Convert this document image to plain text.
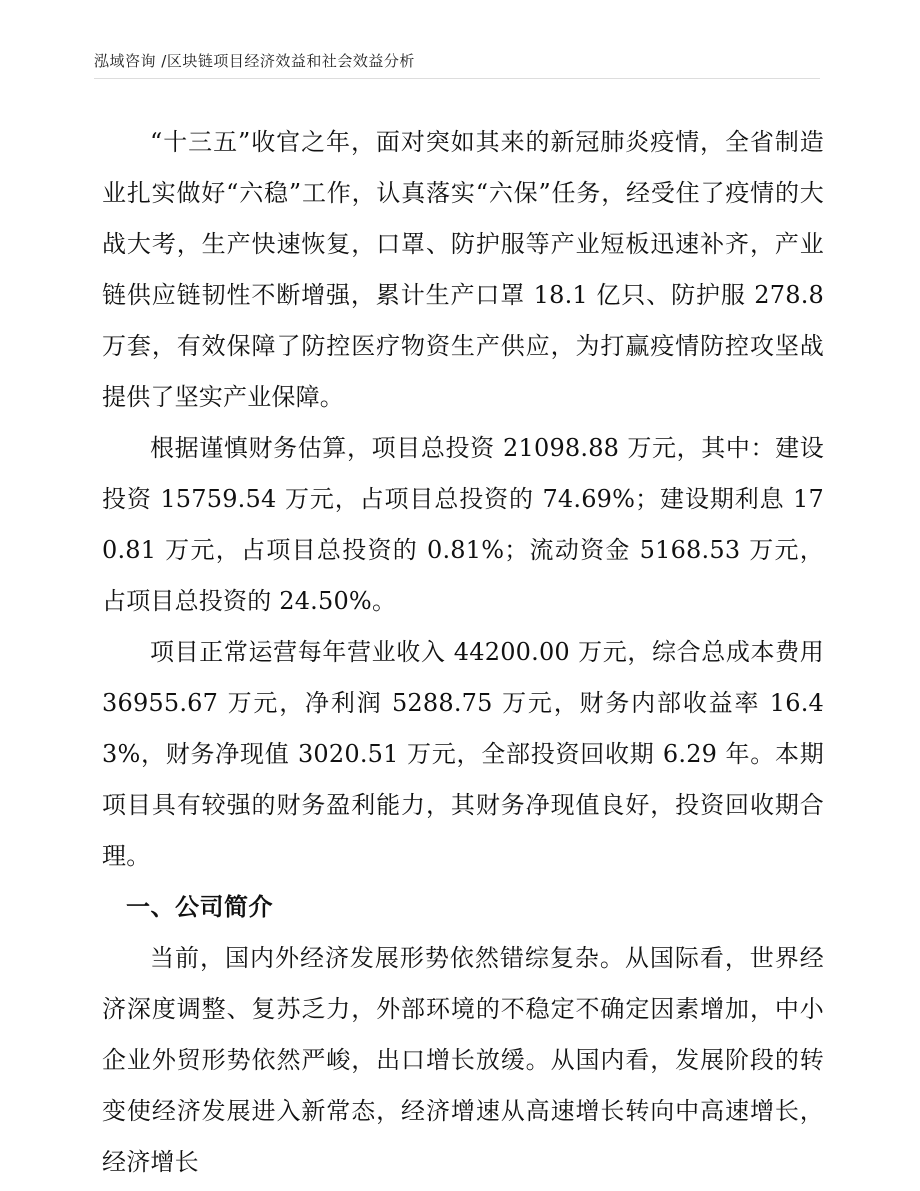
泓域咨询 /区块链项目经济效益和社会效益分析

“十三五”收官之年，面对突如其来的新冠肺炎疫情，全省制造业扎实做好“六稳”工作，认真落实“六保”任务，经受住了疫情的大战大考，生产快速恢复，口罩、防护服等产业短板迅速补齐，产业链供应链韧性不断增强，累计生产口罩 18.1 亿只、防护服 278.8 万套，有效保障了防控医疗物资生产供应，为打赢疫情防控攻坚战提供了坚实产业保障。

根据谨慎财务估算，项目总投资 21098.88 万元，其中：建设投资 15759.54 万元，占项目总投资的 74.69%；建设期利息 170.81 万元，占项目总投资的 0.81%；流动资金 5168.53 万元，占项目总投资的 24.50%。

项目正常运营每年营业收入 44200.00 万元，综合总成本费用 36955.67 万元，净利润 5288.75 万元，财务内部收益率 16.43%，财务净现值 3020.51 万元，全部投资回收期 6.29 年。本期项目具有较强的财务盈利能力，其财务净现值良好，投资回收期合理。

一、公司简介

当前，国内外经济发展形势依然错综复杂。从国际看，世界经济深度调整、复苏乏力，外部环境的不稳定不确定因素增加，中小企业外贸形势依然严峻，出口增长放缓。从国内看，发展阶段的转变使经济发展进入新常态，经济增速从高速增长转向中高速增长，经济增长
